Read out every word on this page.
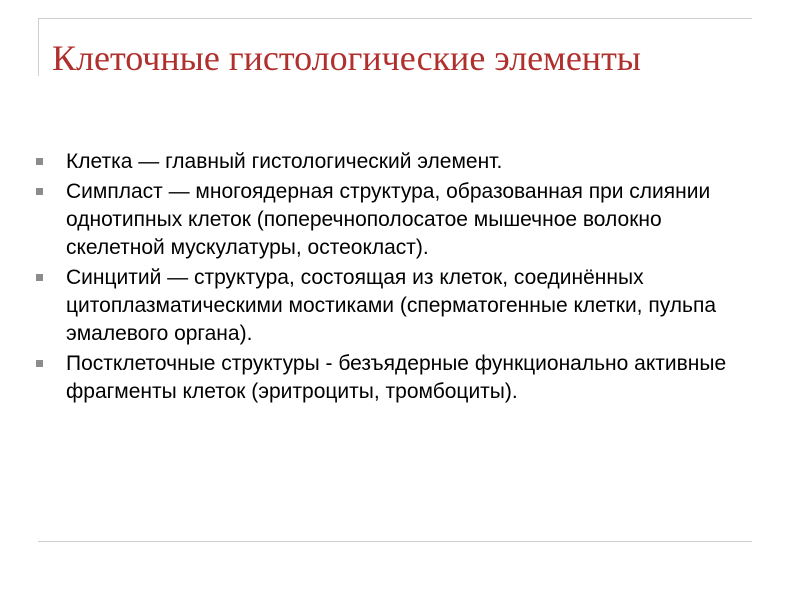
Клеточные гистологические элементы
Клетка — главный гистологический элемент.
Симпласт — многоядерная структура, образованная при слиянии однотипных клеток (поперечнополосатое мышечное волокно скелетной мускулатуры, остеокласт).
Синцитий — структура, состоящая из клеток, соединённых цитоплазматическими мостиками (сперматогенные клетки, пульпа эмалевого органа).
Постклеточные структуры - безъядерные функционально активные фрагменты клеток (эритроциты, тромбоциты).
